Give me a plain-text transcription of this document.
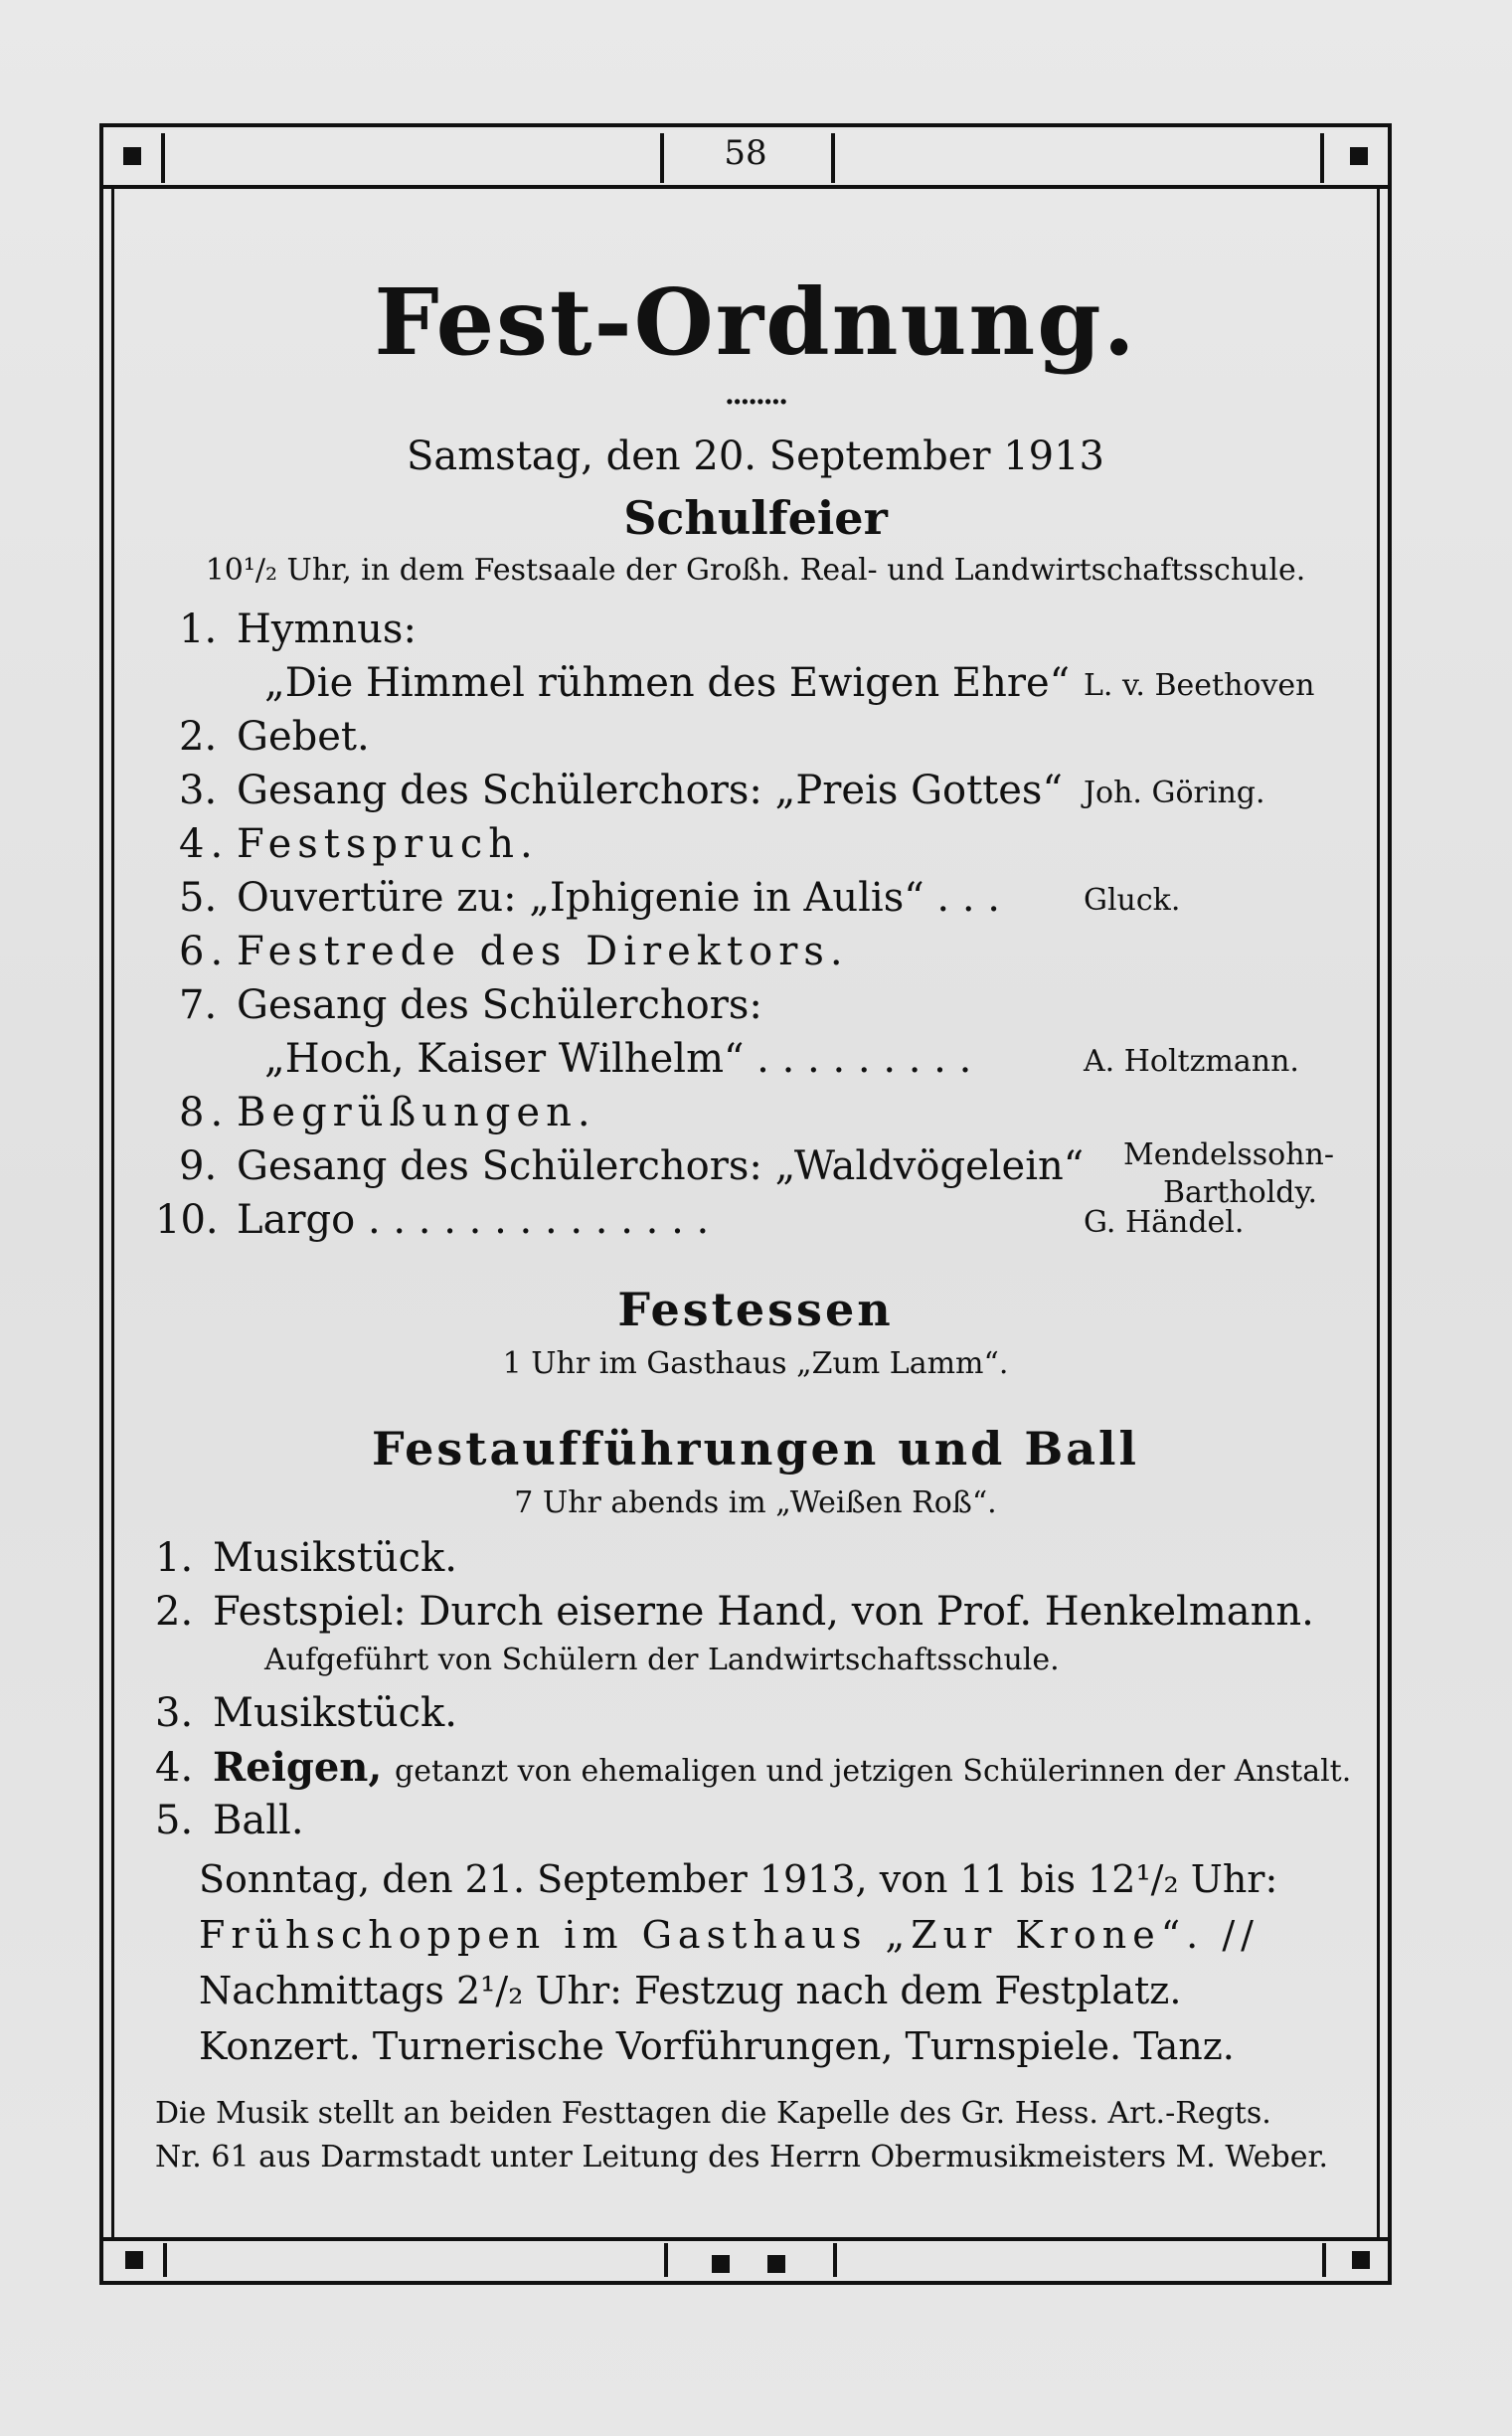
58
Fest-Ordnung.
........
Samstag, den 20. September 1913
Schulfeier
10¹/₂ Uhr, in dem Festsaale der Großh. Real- und Landwirtschaftsschule.
1. Hymnus:
„Die Himmel rühmen des Ewigen Ehre“ L. v. Beethoven
2. Gebet.
3. Gesang des Schülerchors: „Preis Gottes“ Joh. Göring.
4. Festspruch.
5. Ouvertüre zu: „Iphigenie in Aulis“ . . .	Gluck.
6. Festrede des Direktors.
7. Gesang des Schülerchors:
„Hoch, Kaiser Wilhelm“ . . . . . . . . .	A. Holtzmann.
8. Begrüßungen.
9. Gesang des Schülerchors: „Waldvögelein“ Mendelssohn-
Bartholdy.
10. Largo . . . . . . . . . . . . . .	G. Händel.
Festessen
1 Uhr im Gasthaus „Zum Lamm“.
Festaufführungen und Ball
7 Uhr abends im „Weißen Roß“.
1. Musikstück.
2. Festspiel: Durch eiserne Hand, von Prof. Henkelmann.
Aufgeführt von Schülern der Landwirtschaftsschule.
3. Musikstück.
4. Reigen, getanzt von ehemaligen und jetzigen Schülerinnen der Anstalt.
5. Ball.
Sonntag, den 21. September 1913, von 11 bis 12¹/₂ Uhr:
Frühschoppen im Gasthaus „Zur Krone“. //
Nachmittags 2¹/₂ Uhr: Festzug nach dem Festplatz.
Konzert. Turnerische Vorführungen, Turnspiele. Tanz.
Die Musik stellt an beiden Festtagen die Kapelle des Gr. Hess. Art.-Regts.
Nr. 61 aus Darmstadt unter Leitung des Herrn Obermusikmeisters M. Weber.
